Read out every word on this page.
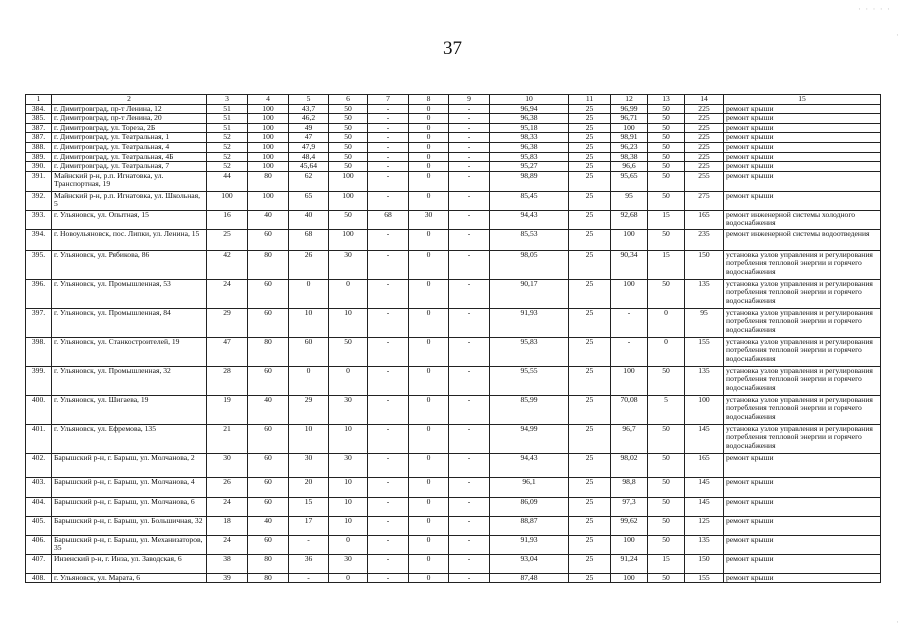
· · · · ·
·
·
37
1	2	3	4	5	6	7	8	9	10	11	12	13	14	15
384.	г. Димитровград, пр-т Ленина, 12	51	100	43,7	50	-	0	-	96,94	25	96,99	50	225	ремонт крыши
385.	г. Димитровград, пр-т Ленина, 20	51	100	46,2	50	-	0	-	96,38	25	96,71	50	225	ремонт крыши
387.	г. Димитровград, ул. Тореза, 2Б	51	100	49	50	-	0	-	95,18	25	100	50	225	ремонт крыши
387.	г. Димитровград, ул. Театральная, 1	52	100	47	50	-	0	-	98,33	25	98,91	50	225	ремонт крыши
388.	г. Димитровград, ул. Театральная, 4	52	100	47,9	50	-	0	-	96,38	25	96,23	50	225	ремонт крыши
389.	г. Димитровград, ул. Театральная, 4Б	52	100	48,4	50	-	0	-	95,83	25	98,38	50	225	ремонт крыши
390.	г. Димитровград, ул. Театральная, 7	52	100	45,64	50	-	0	-	95,27	25	96,6	50	225	ремонт крыши
391.	Майнский р-н, р.п. Игнатовка, ул. Транспортная, 19	44	80	62	100	-	0	-	98,89	25	95,65	50	255	ремонт крыши
392.	Майнский р-н, р.п. Игнатовка, ул. Школьная, 5	100	100	65	100	-	0	-	85,45	25	95	50	275	ремонт крыши
393.	г. Ульяновск, ул. Опытная, 15	16	40	40	50	68	30	-	94,43	25	92,68	15	165	ремонт инженерной системы холодного водоснабжения
394.	г. Новоульяновск, пос. Липки, ул. Ленина, 15	25	60	68	100	-	0	-	85,53	25	100	50	235	ремонт инженерной системы водоотведения
395.	г. Ульяновск, ул. Рябикова, 86	42	80	26	30	-	0	-	98,05	25	90,34	15	150	установка узлов управления и регулирования потребления тепловой энергии и горячего водоснабжения
396.	г. Ульяновск, ул. Промышленная, 53	24	60	0	0	-	0	-	90,17	25	100	50	135	установка узлов управления и регулирования потребления тепловой энергии и горячего водоснабжения
397.	г. Ульяновск, ул. Промышленная, 84	29	60	10	10	-	0	-	91,93	25	-	0	95	установка узлов управления и регулирования потребления тепловой энергии и горячего водоснабжения
398.	г. Ульяновск, ул. Станкостроителей, 19	47	80	60	50	-	0	-	95,83	25	-	0	155	установка узлов управления и регулирования потребления тепловой энергии и горячего водоснабжения
399.	г. Ульяновск, ул. Промышленная, 32	28	60	0	0	-	0	-	95,55	25	100	50	135	установка узлов управления и регулирования потребления тепловой энергии и горячего водоснабжения
400.	г. Ульяновск, ул. Шигаева, 19	19	40	29	30	-	0	-	85,99	25	70,08	5	100	установка узлов управления и регулирования потребления тепловой энергии и горячего водоснабжения
401.	г. Ульяновск, ул. Ефремова, 135	21	60	10	10	-	0	-	94,99	25	96,7	50	145	установка узлов управления и регулирования потребления тепловой энергии и горячего водоснабжения
402.	Барышский р-н, г. Барыш, ул. Молчанова, 2	30	60	30	30	-	0	-	94,43	25	98,02	50	165	ремонт крыши
403.	Барышский р-н, г. Барыш, ул. Молчанова, 4	26	60	20	10	-	0	-	96,1	25	98,8	50	145	ремонт крыши
404.	Барышский р-н, г. Барыш, ул. Молчанова, 6	24	60	15	10	-	0	-	86,09	25	97,3	50	145	ремонт крыши
405.	Барышский р-н, г. Барыш, ул. Большичная, 32	18	40	17	10	-	0	-	88,87	25	99,62	50	125	ремонт крыши
406.	Барышский р-н, г. Барыш, ул. Механизаторов, 35	24	60	-	0	-	0	-	91,93	25	100	50	135	ремонт крыши
407.	Инзенский р-н, г. Инза, ул. Заводская, 6	38	80	36	30	-	0	-	93,04	25	91,24	15	150	ремонт крыши
408.	г. Ульяновск, ул. Марата, 6	39	80	-	0	-	0	-	87,48	25	100	50	155	ремонт крыши
